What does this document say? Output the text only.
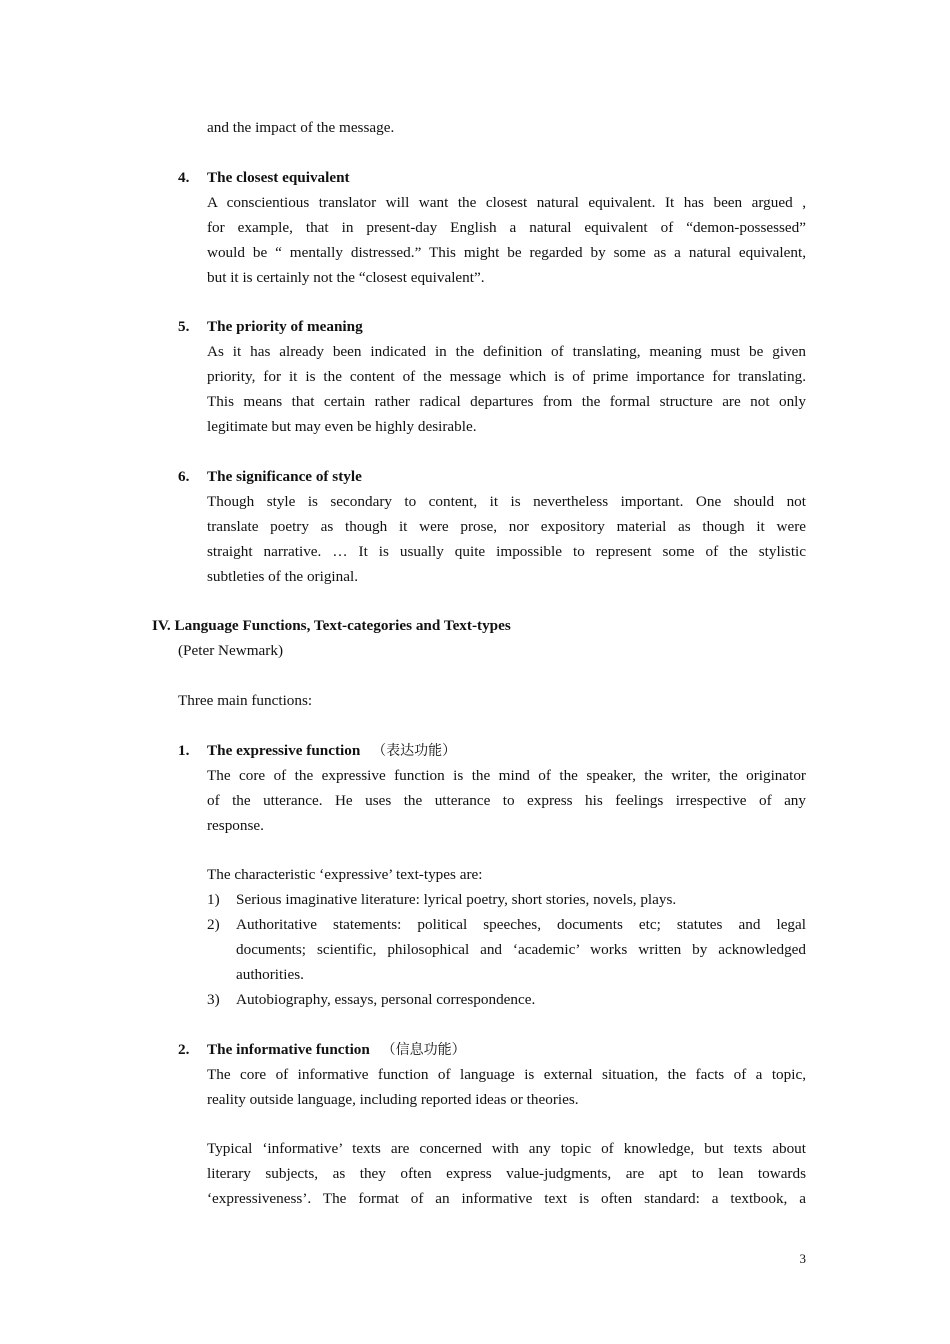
and the impact of the message.
4. The closest equivalent
A conscientious translator will want the closest natural equivalent. It has been argued ,
for example, that in present-day English a natural equivalent of “demon-possessed”
would be “ mentally distressed.” This might be regarded by some as a natural equivalent,
but it is certainly not the “closest equivalent”.
5. The priority of meaning
As it has already been indicated in the definition of translating, meaning must be given
priority, for it is the content of the message which is of prime importance for translating.
This means that certain rather radical departures from the formal structure are not only
legitimate but may even be highly desirable.
6. The significance of style
Though style is secondary to content, it is nevertheless important. One should not
translate poetry as though it were prose, nor expository material as though it were
straight narrative. … It is usually quite impossible to represent some of the stylistic
subtleties of the original.
IV. Language Functions, Text-categories and Text-types
(Peter Newmark)
Three main functions:
1. The expressive function （表达功能）
The core of the expressive function is the mind of the speaker, the writer, the originator
of the utterance. He uses the utterance to express his feelings irrespective of any
response.
The characteristic ‘expressive’ text-types are:
1) Serious imaginative literature: lyrical poetry, short stories, novels, plays.
2) Authoritative statements: political speeches, documents etc; statutes and legal
documents; scientific, philosophical and ‘academic’ works written by acknowledged
authorities.
3) Autobiography, essays, personal correspondence.
2. The informative function （信息功能）
The core of informative function of language is external situation, the facts of a topic,
reality outside language, including reported ideas or theories.
Typical ‘informative’ texts are concerned with any topic of knowledge, but texts about
literary subjects, as they often express value-judgments, are apt to lean towards
‘expressiveness’. The format of an informative text is often standard: a textbook, a
3
